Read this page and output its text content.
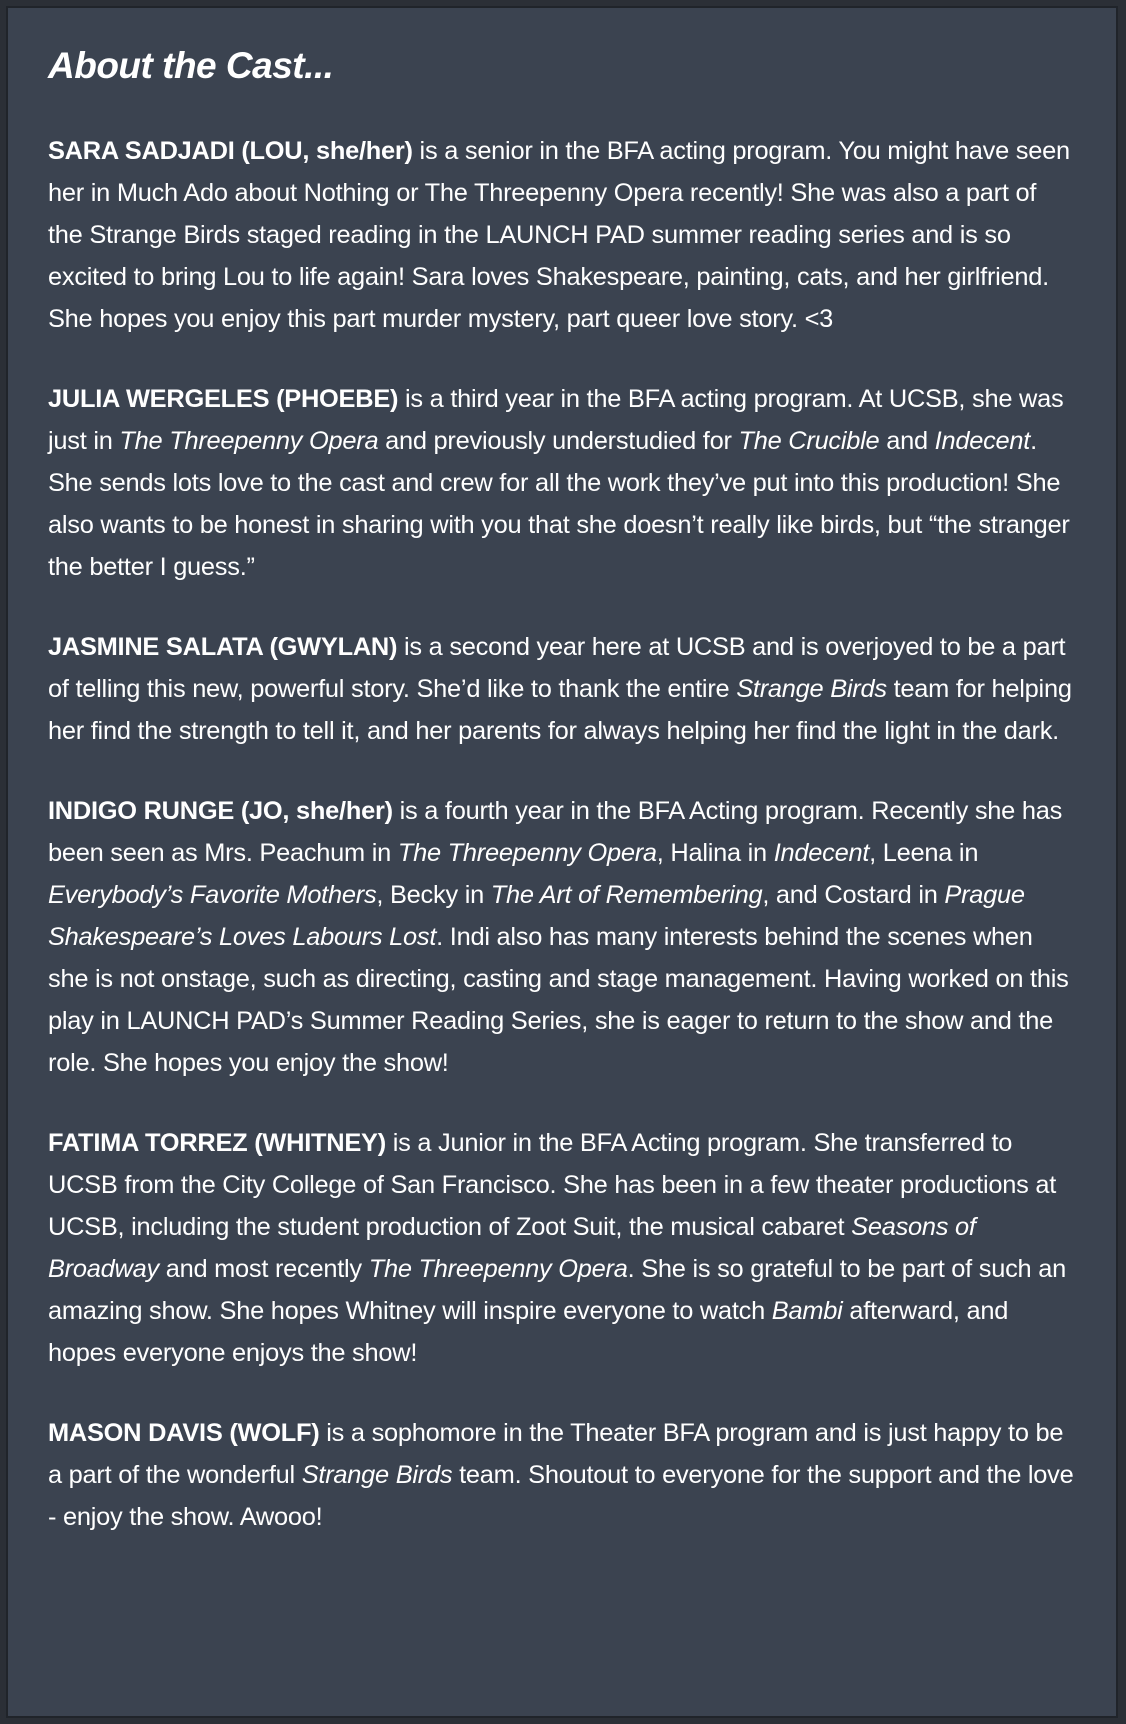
About the Cast...

SARA SADJADI (LOU, she/her) is a senior in the BFA acting program. You might have seen her in Much Ado about Nothing or The Threepenny Opera recently! She was also a part of the Strange Birds staged reading in the LAUNCH PAD summer reading series and is so excited to bring Lou to life again! Sara loves Shakespeare, painting, cats, and her girlfriend. She hopes you enjoy this part murder mystery, part queer love story. <3

JULIA WERGELES (PHOEBE) is a third year in the BFA acting program. At UCSB, she was just in The Threepenny Opera and previously understudied for The Crucible and Indecent. She sends lots love to the cast and crew for all the work they’ve put into this production! She also wants to be honest in sharing with you that she doesn’t really like birds, but “the stranger the better I guess.”

JASMINE SALATA (GWYLAN) is a second year here at UCSB and is overjoyed to be a part of telling this new, powerful story. She’d like to thank the entire Strange Birds team for helping her find the strength to tell it, and her parents for always helping her find the light in the dark.

INDIGO RUNGE (JO, she/her) is a fourth year in the BFA Acting program. Recently she has been seen as Mrs. Peachum in The Threepenny Opera, Halina in Indecent, Leena in Everybody’s Favorite Mothers, Becky in The Art of Remembering, and Costard in Prague Shakespeare’s Loves Labours Lost. Indi also has many interests behind the scenes when she is not onstage, such as directing, casting and stage management. Having worked on this play in LAUNCH PAD’s Summer Reading Series, she is eager to return to the show and the role. She hopes you enjoy the show!

FATIMA TORREZ (WHITNEY) is a Junior in the BFA Acting program. She transferred to UCSB from the City College of San Francisco. She has been in a few theater productions at UCSB, including the student production of Zoot Suit, the musical cabaret Seasons of Broadway and most recently The Threepenny Opera. She is so grateful to be part of such an amazing show. She hopes Whitney will inspire everyone to watch Bambi afterward, and hopes everyone enjoys the show!

MASON DAVIS (WOLF) is a sophomore in the Theater BFA program and is just happy to be a part of the wonderful Strange Birds team. Shoutout to everyone for the support and the love - enjoy the show. Awooo!
